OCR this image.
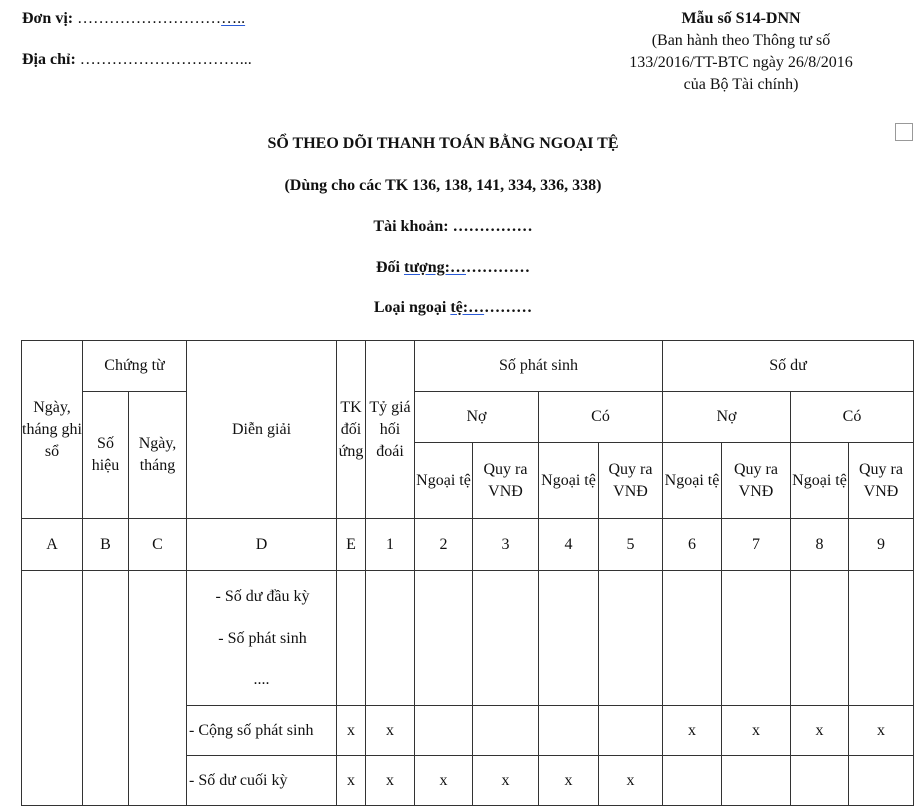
Đơn vị: …………………………..
Địa chỉ: …………………………...
Mẫu số S14-DNN
(Ban hành theo Thông tư số
133/2016/TT-BTC ngày 26/8/2016
của Bộ Tài chính)
SỔ THEO DÕI THANH TOÁN BẰNG NGOẠI TỆ
(Dùng cho các TK 136, 138, 141, 334, 336, 338)
Tài khoản: ……………
Đối tượng:……………
Loại ngoại tệ:…………
Ngày, tháng ghi sổ	Chứng từ		Diễn giải	TK đối ứng	Tỷ giá hối đoái	Số phát sinh				Số dư			
	Số hiệu	Ngày, tháng				Nợ		Có		Nợ		Có	
						Ngoại tệ	Quy ra VNĐ	Ngoại tệ	Quy ra VNĐ	Ngoại tệ	Quy ra VNĐ	Ngoại tệ	Quy ra VNĐ
A	B	C	D	E	1	2	3	4	5	6	7	8	9

			- Số dư đầu kỳ
- Số phát sinh
....										

			- Cộng số phát sinh	x	x					x	x	x	x
			- Số dư cuối kỳ	x	x	x	x	x	x				
